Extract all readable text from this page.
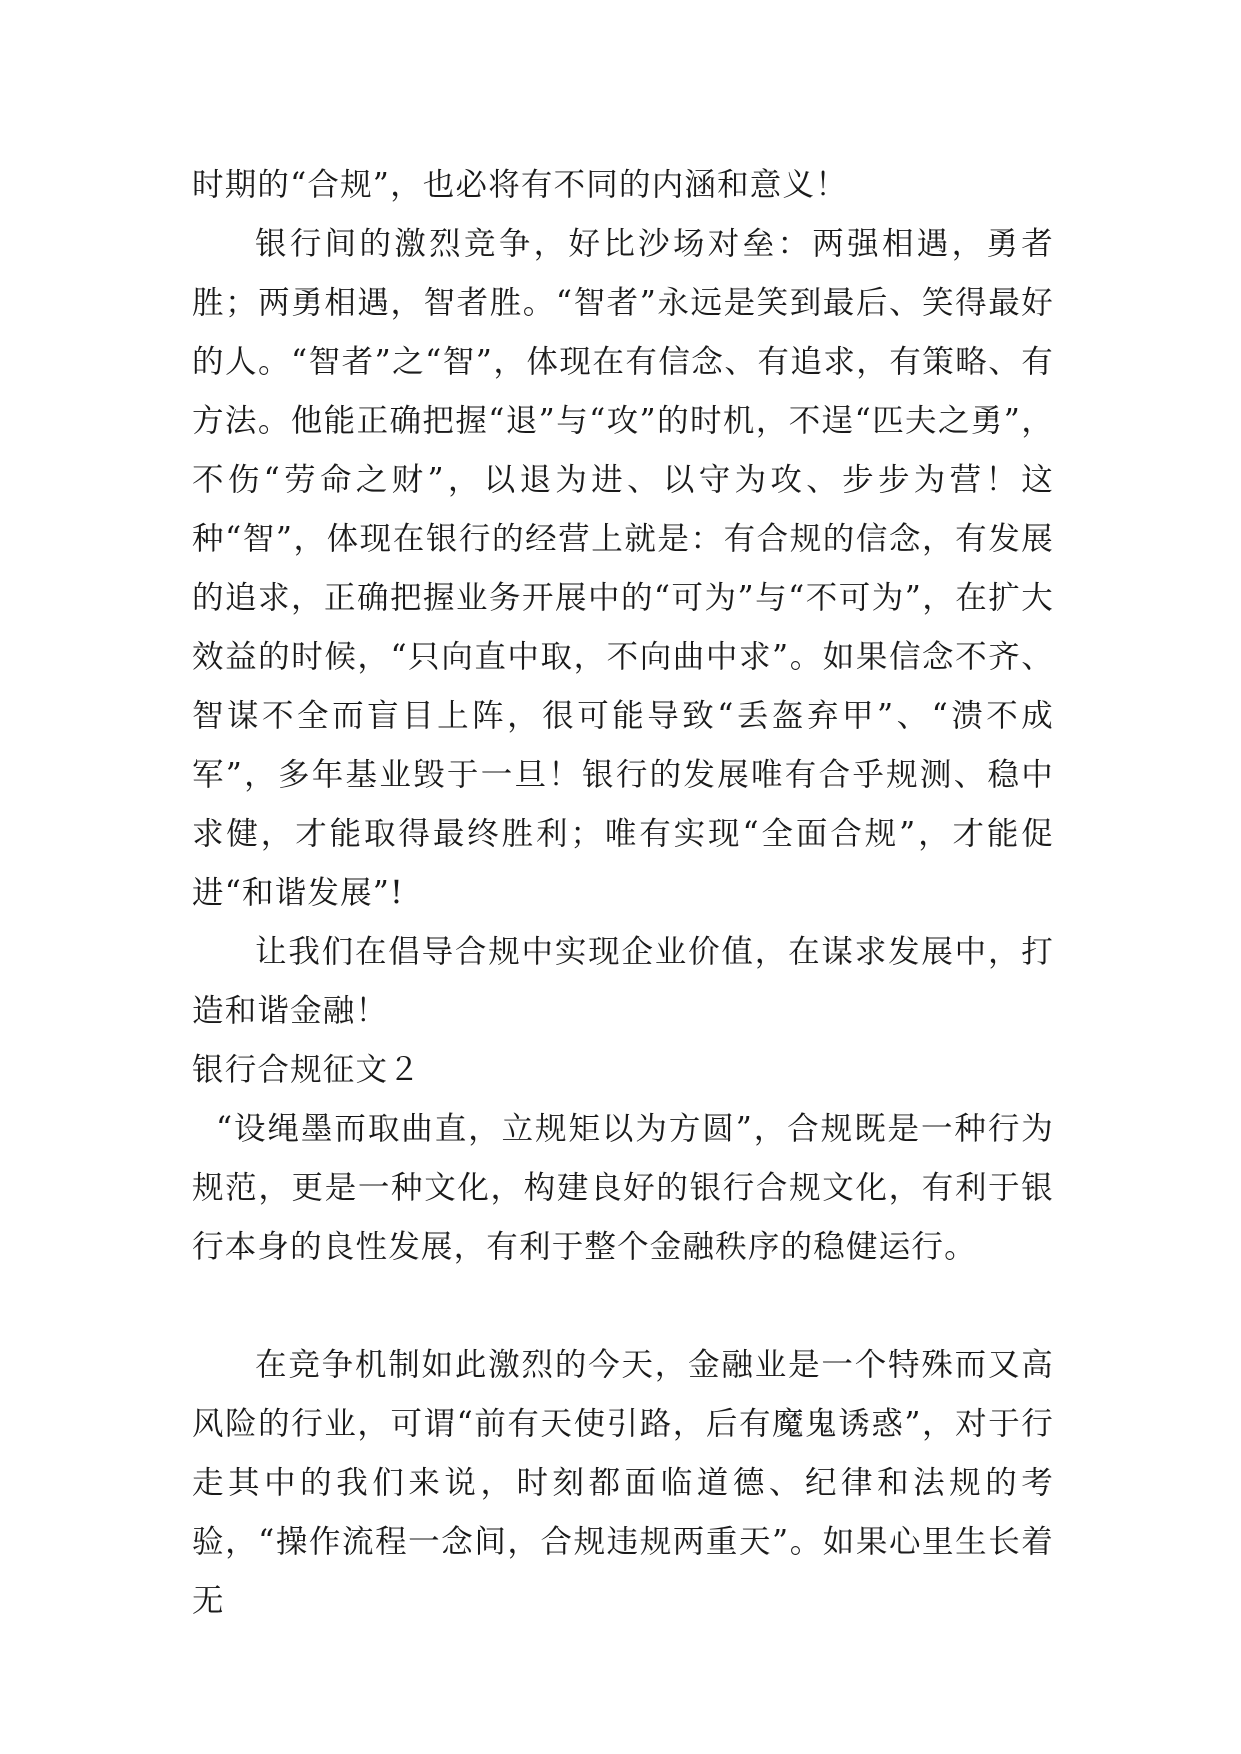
时期的“合规”，也必将有不同的内涵和意义！

银行间的激烈竞争，好比沙场对垒：两强相遇，勇者胜；两勇相遇，智者胜。“智者”永远是笑到最后、笑得最好的人。“智者”之“智”，体现在有信念、有追求，有策略、有方法。他能正确把握“退”与“攻”的时机，不逞“匹夫之勇”，不伤“劳命之财”，以退为进、以守为攻、步步为营！这种“智”，体现在银行的经营上就是：有合规的信念，有发展的追求，正确把握业务开展中的“可为”与“不可为”，在扩大效益的时候，“只向直中取，不向曲中求”。如果信念不齐、智谋不全而盲目上阵，很可能导致“丢盔弃甲”、“溃不成军”，多年基业毁于一旦！银行的发展唯有合乎规测、稳中求健，才能取得最终胜利；唯有实现“全面合规”，才能促进“和谐发展”!

让我们在倡导合规中实现企业价值，在谋求发展中，打造和谐金融！

银行合规征文２

“设绳墨而取曲直，立规矩以为方圆”，合规既是一种行为规范，更是一种文化，构建良好的银行合规文化，有利于银行本身的良性发展，有利于整个金融秩序的稳健运行。

在竞争机制如此激烈的今天，金融业是一个特殊而又高风险的行业，可谓“前有天使引路，后有魔鬼诱惑”，对于行走其中的我们来说，时刻都面临道德、纪律和法规的考验，“操作流程一念间，合规违规两重天”。如果心里生长着无
